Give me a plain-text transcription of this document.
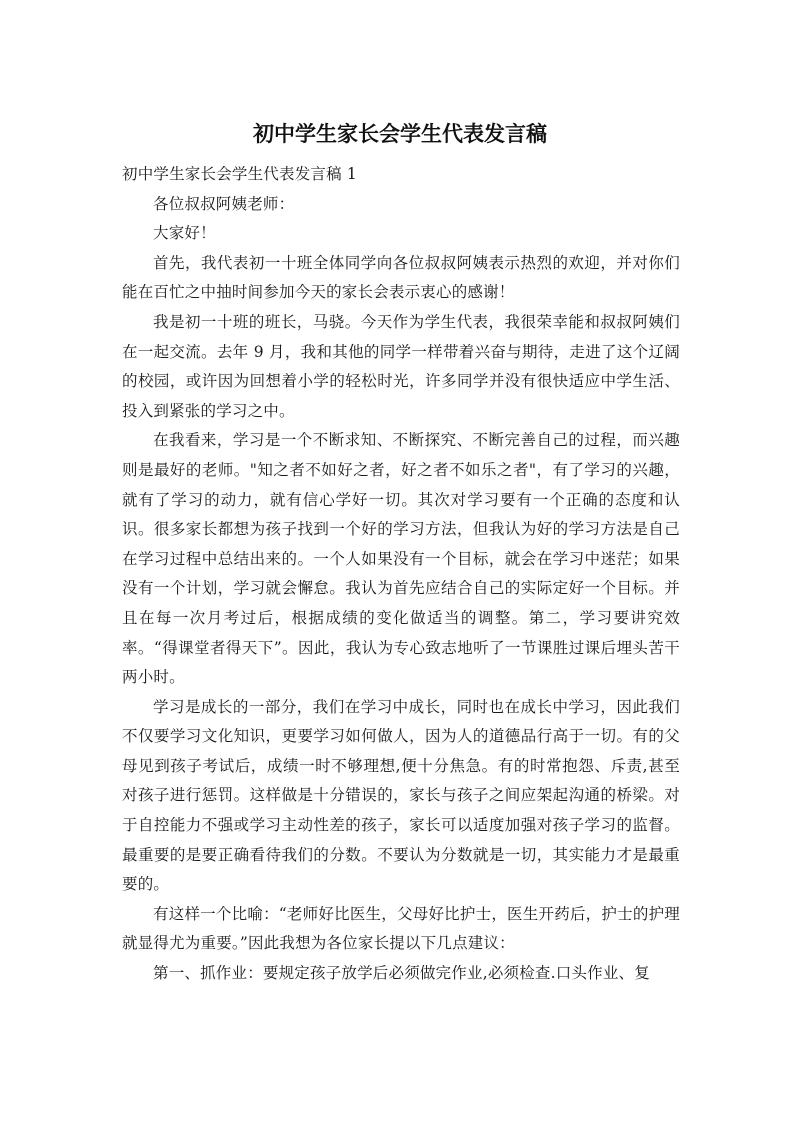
初中学生家长会学生代表发言稿

初中学生家长会学生代表发言稿 1

各位叔叔阿姨老师：

大家好！

首先，我代表初一十班全体同学向各位叔叔阿姨表示热烈的欢迎，并对你们能在百忙之中抽时间参加今天的家长会表示衷心的感谢！

我是初一十班的班长，马骁。今天作为学生代表，我很荣幸能和叔叔阿姨们在一起交流。去年 9 月，我和其他的同学一样带着兴奋与期待，走进了这个辽阔的校园，或许因为回想着小学的轻松时光，许多同学并没有很快适应中学生活、投入到紧张的学习之中。

在我看来，学习是一个不断求知、不断探究、不断完善自己的过程，而兴趣则是最好的老师。"知之者不如好之者，好之者不如乐之者"，有了学习的兴趣，就有了学习的动力，就有信心学好一切。其次对学习要有一个正确的态度和认识。很多家长都想为孩子找到一个好的学习方法，但我认为好的学习方法是自己在学习过程中总结出来的。一个人如果没有一个目标，就会在学习中迷茫；如果没有一个计划，学习就会懈怠。我认为首先应结合自己的实际定好一个目标。并且在每一次月考过后，根据成绩的变化做适当的调整。第二，学习要讲究效率。“得课堂者得天下”。因此，我认为专心致志地听了一节课胜过课后埋头苦干两小时。

学习是成长的一部分，我们在学习中成长，同时也在成长中学习，因此我们不仅要学习文化知识，更要学习如何做人，因为人的道德品行高于一切。有的父母见到孩子考试后，成绩一时不够理想,便十分焦急。有的时常抱怨、斥责,甚至对孩子进行惩罚。这样做是十分错误的，家长与孩子之间应架起沟通的桥梁。对于自控能力不强或学习主动性差的孩子，家长可以适度加强对孩子学习的监督。最重要的是要正确看待我们的分数。不要认为分数就是一切，其实能力才是最重要的。

有这样一个比喻：“老师好比医生，父母好比护士，医生开药后，护士的护理就显得尤为重要。”因此我想为各位家长提以下几点建议：

第一、抓作业：要规定孩子放学后必须做完作业,必须检查.口头作业、复
